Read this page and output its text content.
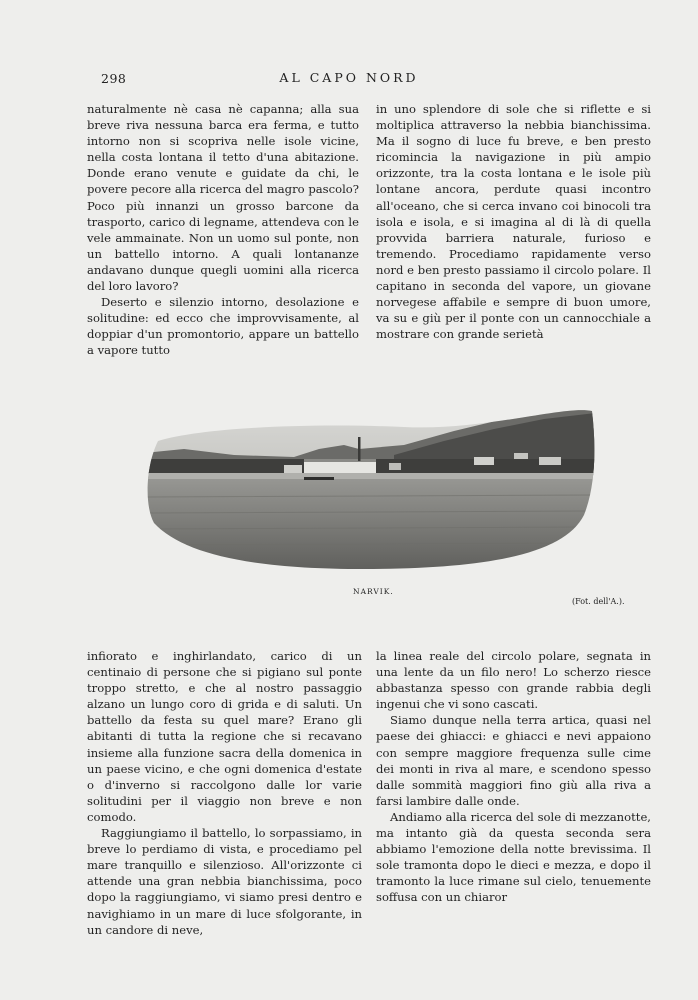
298	AL CAPO NORD

naturalmente nè casa nè capanna; alla sua breve riva nessuna barca era ferma, e tutto intorno non si scopriva nelle isole vicine, nella costa lontana il tetto d'una abitazione. Donde erano venute e guidate da chi, le povere pecore alla ricerca del magro pascolo? Poco più innanzi un grosso barcone da trasporto, carico di legname, attendeva con le vele ammainate. Non un uomo sul ponte, non un battello intorno. A quali lontananze andavano dunque quegli uomini alla ricerca del loro lavoro?

Deserto e silenzio intorno, desolazione e solitudine: ed ecco che improvvisamente, al doppiar d'un promontorio, appare un battello a vapore tutto

in uno splendore di sole che si riflette e si moltiplica attraverso la nebbia bianchissima. Ma il sogno di luce fu breve, e ben presto ricomincia la navigazione in più ampio orizzonte, tra la costa lontana e le isole più lontane ancora, perdute quasi incontro all'oceano, che si cerca invano coi binocoli tra isola e isola, e si imagina al di là di quella provvida barriera naturale, furioso e tremendo. Procediamo rapidamente verso nord e ben presto passiamo il circolo polare. Il capitano in seconda del vapore, un giovane norvegese affabile e sempre di buon umore, va su e giù per il ponte con un cannocchiale a mostrare con grande serietà

NARVIK.
(Fot. dell'A.).

infiorato e inghirlandato, carico di un centinaio di persone che si pigiano sul ponte troppo stretto, e che al nostro passaggio alzano un lungo coro di grida e di saluti. Un battello da festa su quel mare? Erano gli abitanti di tutta la regione che si recavano insieme alla funzione sacra della domenica in un paese vicino, e che ogni domenica d'estate o d'inverno si raccolgono dalle lor varie solitudini per il viaggio non breve e non comodo.

Raggiungiamo il battello, lo sorpassiamo, in breve lo perdiamo di vista, e procediamo pel mare tranquillo e silenzioso. All'orizzonte ci attende una gran nebbia bianchissima, poco dopo la raggiungiamo, vi siamo presi dentro e navighiamo in un mare di luce sfolgorante, in un candore di neve,

la linea reale del circolo polare, segnata in una lente da un filo nero! Lo scherzo riesce abbastanza spesso con grande rabbia degli ingenui che vi sono cascati.

Siamo dunque nella terra artica, quasi nel paese dei ghiacci: e ghiacci e nevi appaiono con sempre maggiore frequenza sulle cime dei monti in riva al mare, e scendono spesso dalle sommità maggiori fino giù alla riva a farsi lambire dalle onde.

Andiamo alla ricerca del sole di mezzanotte, ma intanto già da questa seconda sera abbiamo l'emozione della notte brevissima. Il sole tramonta dopo le dieci e mezza, e dopo il tramonto la luce rimane sul cielo, tenuemente soffusa con un chiaror
